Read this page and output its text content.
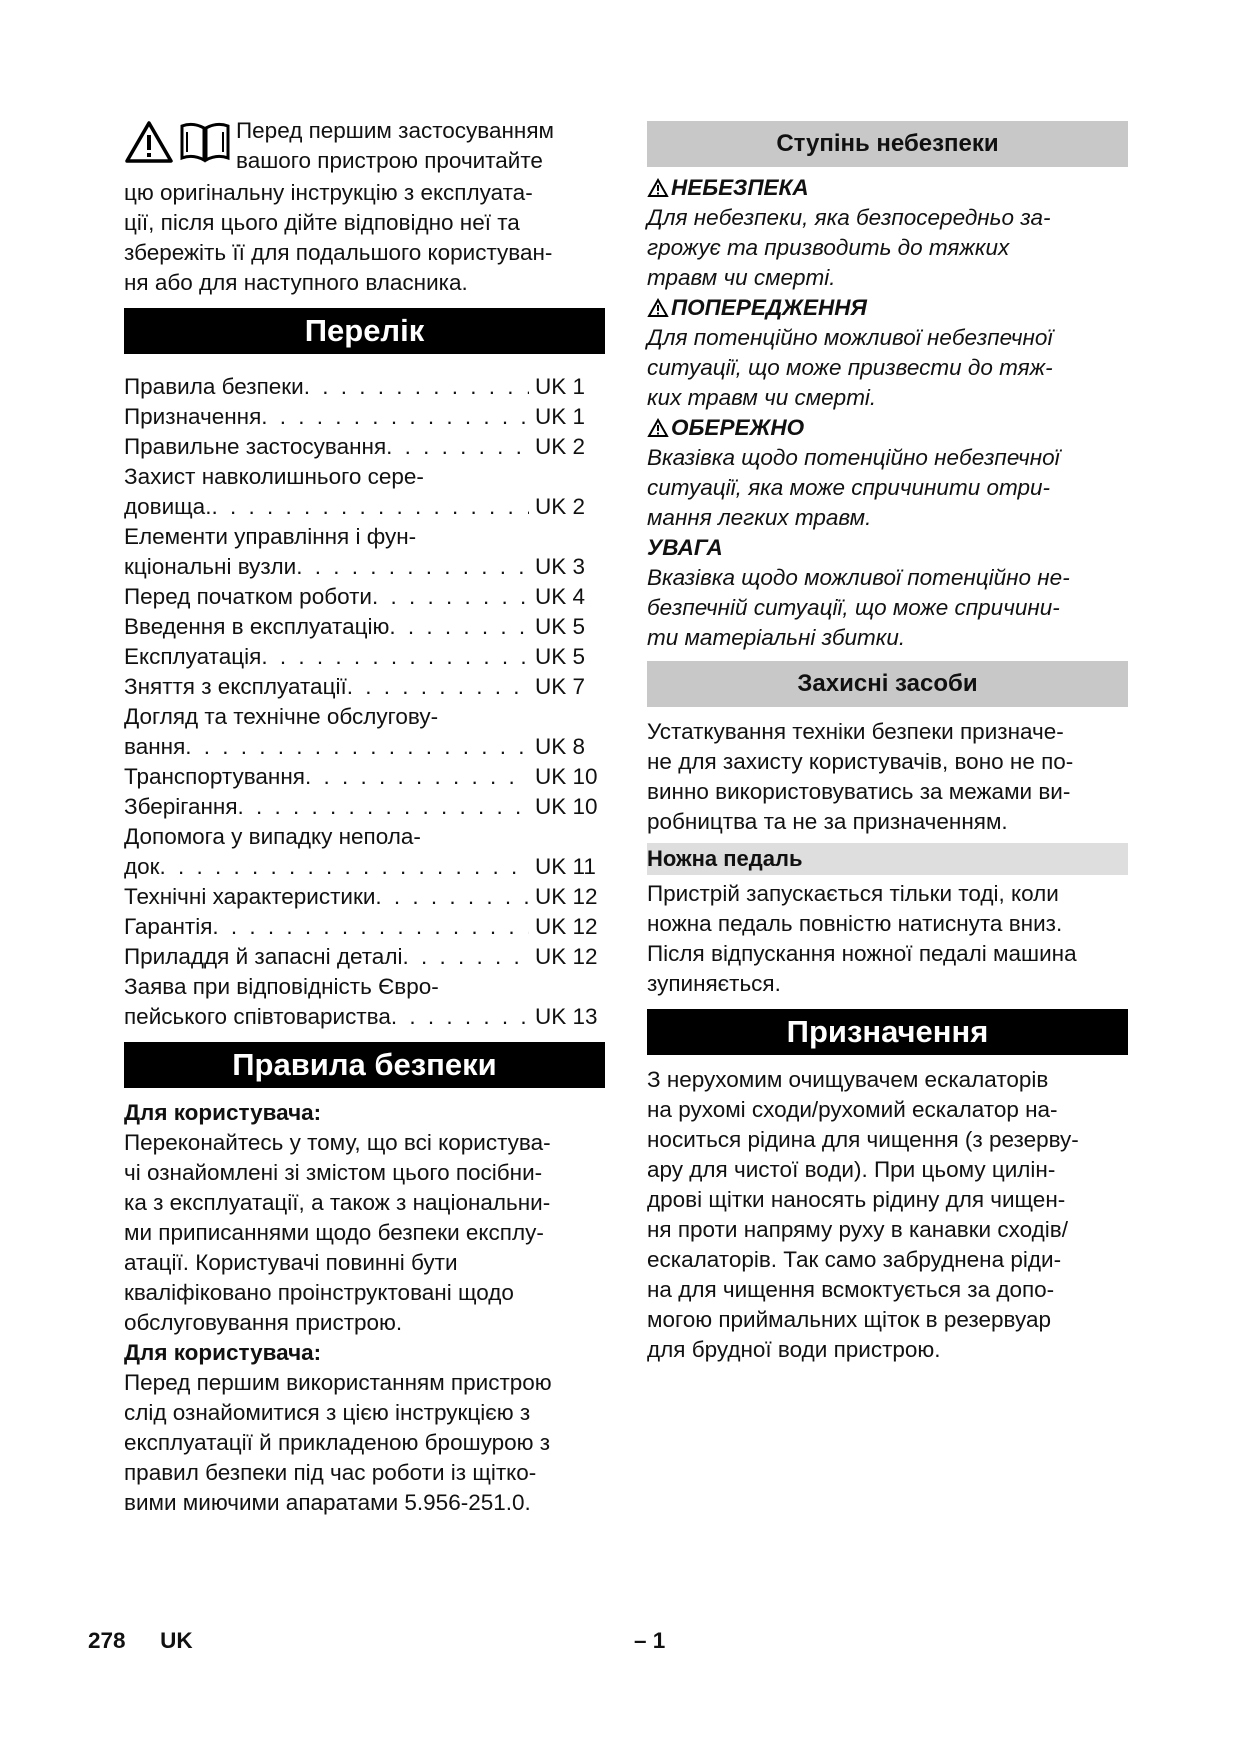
Перед першим застосуванням
вашого пристрою прочитайте
цю оригінальну інструкцію з експлуата-
ції, після цього дійте відповідно неї та
збережіть її для подальшого користуван-
ня або для наступного власника.
Перелік
Правила безпеки . . .	UK 1
Призначення . . .	UK 1
Правильне застосування . . .	UK 2
Захист навколишнього сере-
довища. . . .	UK 2
Елементи управління і фун-
кціональні вузли . . .	UK 3
Перед початком роботи . . .	UK 4
Введення в експлуатацію . . .	UK 5
Експлуатація . . .	UK 5
Зняття з експлуатації . . .	UK 7
Догляд та технічне обслугову-
вання . . .	UK 8
Транспортування . . .	UK 10
Зберігання . . .	UK 10
Допомога у випадку непола-
док . . .	UK 11
Технічні характеристики . . .	UK 12
Гарантія . . .	UK 12
Приладдя й запасні деталі . . .	UK 12
Заява при відповідність Євро-
пейського співтовариства . . .	UK 13
Правила безпеки
Для користувача:
Переконайтесь у тому, що всі користува-
чі ознайомлені зі змістом цього посібни-
ка з експлуатації, а також з національни-
ми приписаннями щодо безпеки експлу-
атації. Користувачі повинні бути
кваліфіковано проінструктовані щодо
обслуговування пристрою.
Для користувача:
Перед першим використанням пристрою
слід ознайомитися з цією інструкцією з
експлуатації й прикладеною брошурою з
правил безпеки під час роботи із щітко-
вими миючими апаратами 5.956-251.0.
Ступінь небезпеки
НЕБЕЗПЕКА
Для небезпеки, яка безпосередньо за-
грожує та призводить до тяжких
травм чи смерті.
ПОПЕРЕДЖЕННЯ
Для потенційно можливої небезпечної
ситуації, що може призвести до тяж-
ких травм чи смерті.
ОБЕРЕЖНО
Вказівка щодо потенційно небезпечної
ситуації, яка може спричинити отри-
мання легких травм.
УВАГА
Вказівка щодо можливої потенційно не-
безпечній ситуації, що може спричини-
ти матеріальні збитки.
Захисні засоби
Устаткування техніки безпеки призначе-
не для захисту користувачів, воно не по-
винно використовуватись за межами ви-
робництва та не за призначенням.
Ножна педаль
Пристрій запускається тільки тоді, коли
ножна педаль повністю натиснута вниз.
Після відпускання ножної педалі машина
зупиняється.
Призначення
З нерухомим очищувачем ескалаторів
на рухомі сходи/рухомий ескалатор на-
носиться рідина для чищення (з резерву-
ару для чистої води). При цьому цилін-
дрові щітки наносять рідину для чищен-
ня проти напряму руху в канавки сходів/
ескалаторів. Так само забруднена ріди-
на для чищення всмоктується за допо-
могою приймальних щіток в резервуар
для брудної води пристрою.
278 UK	– 1
